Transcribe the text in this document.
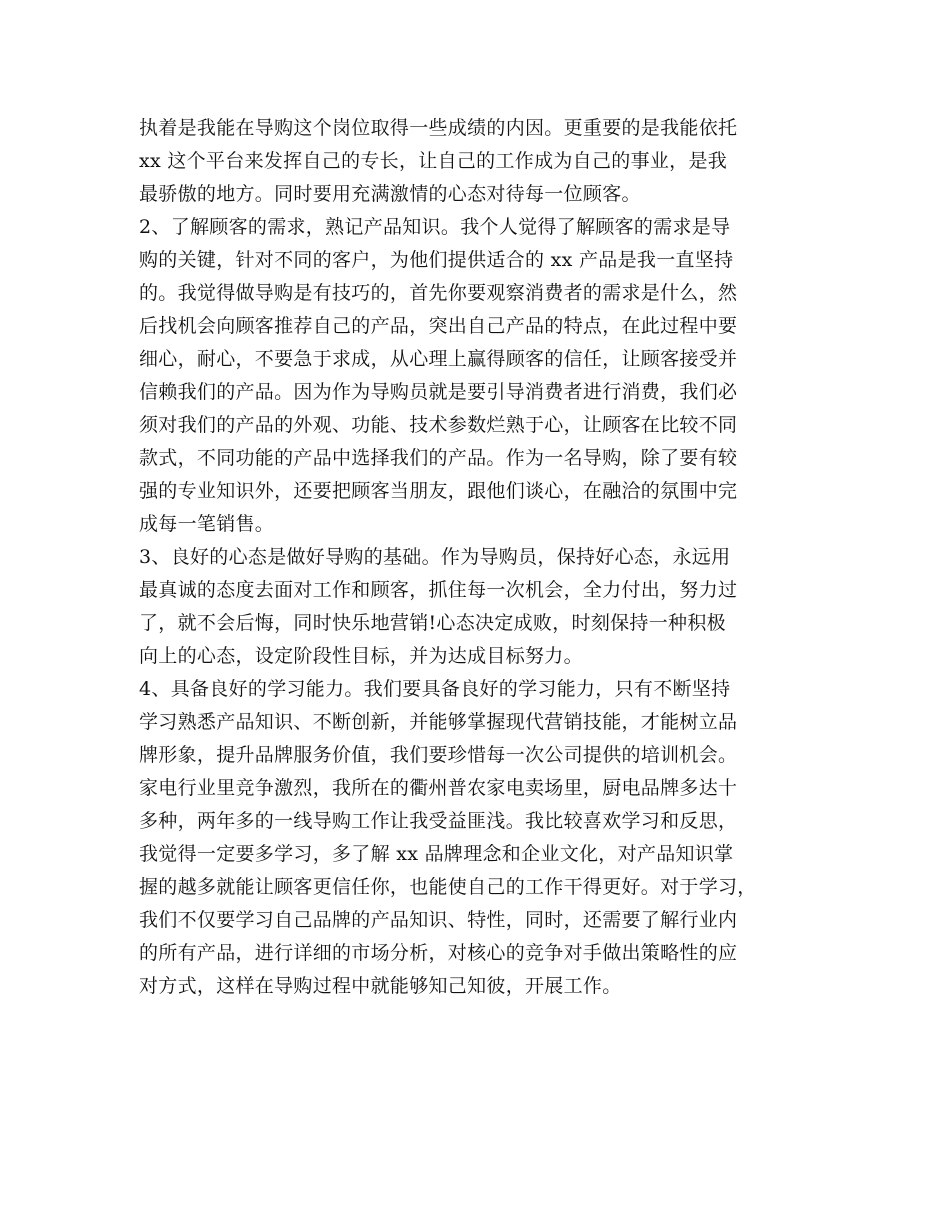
执着是我能在导购这个岗位取得一些成绩的内因。更重要的是我能依托
xx 这个平台来发挥自己的专长，让自己的工作成为自己的事业，是我
最骄傲的地方。同时要用充满激情的心态对待每一位顾客。
2、了解顾客的需求，熟记产品知识。我个人觉得了解顾客的需求是导
购的关键，针对不同的客户，为他们提供适合的 xx 产品是我一直坚持
的。我觉得做导购是有技巧的，首先你要观察消费者的需求是什么，然
后找机会向顾客推荐自己的产品，突出自己产品的特点，在此过程中要
细心，耐心，不要急于求成，从心理上赢得顾客的信任，让顾客接受并
信赖我们的产品。因为作为导购员就是要引导消费者进行消费，我们必
须对我们的产品的外观、功能、技术参数烂熟于心，让顾客在比较不同
款式，不同功能的产品中选择我们的产品。作为一名导购，除了要有较
强的专业知识外，还要把顾客当朋友，跟他们谈心，在融洽的氛围中完
成每一笔销售。
3、良好的心态是做好导购的基础。作为导购员，保持好心态，永远用
最真诚的态度去面对工作和顾客，抓住每一次机会，全力付出，努力过
了，就不会后悔，同时快乐地营销!心态决定成败，时刻保持一种积极
向上的心态，设定阶段性目标，并为达成目标努力。
4、具备良好的学习能力。我们要具备良好的学习能力，只有不断坚持
学习熟悉产品知识、不断创新，并能够掌握现代营销技能，才能树立品
牌形象，提升品牌服务价值，我们要珍惜每一次公司提供的培训机会。
家电行业里竞争激烈，我所在的衢州普农家电卖场里，厨电品牌多达十
多种，两年多的一线导购工作让我受益匪浅。我比较喜欢学习和反思，
我觉得一定要多学习，多了解 xx 品牌理念和企业文化，对产品知识掌
握的越多就能让顾客更信任你，也能使自己的工作干得更好。对于学习，
我们不仅要学习自己品牌的产品知识、特性，同时，还需要了解行业内
的所有产品，进行详细的市场分析，对核心的竞争对手做出策略性的应
对方式，这样在导购过程中就能够知己知彼，开展工作。
